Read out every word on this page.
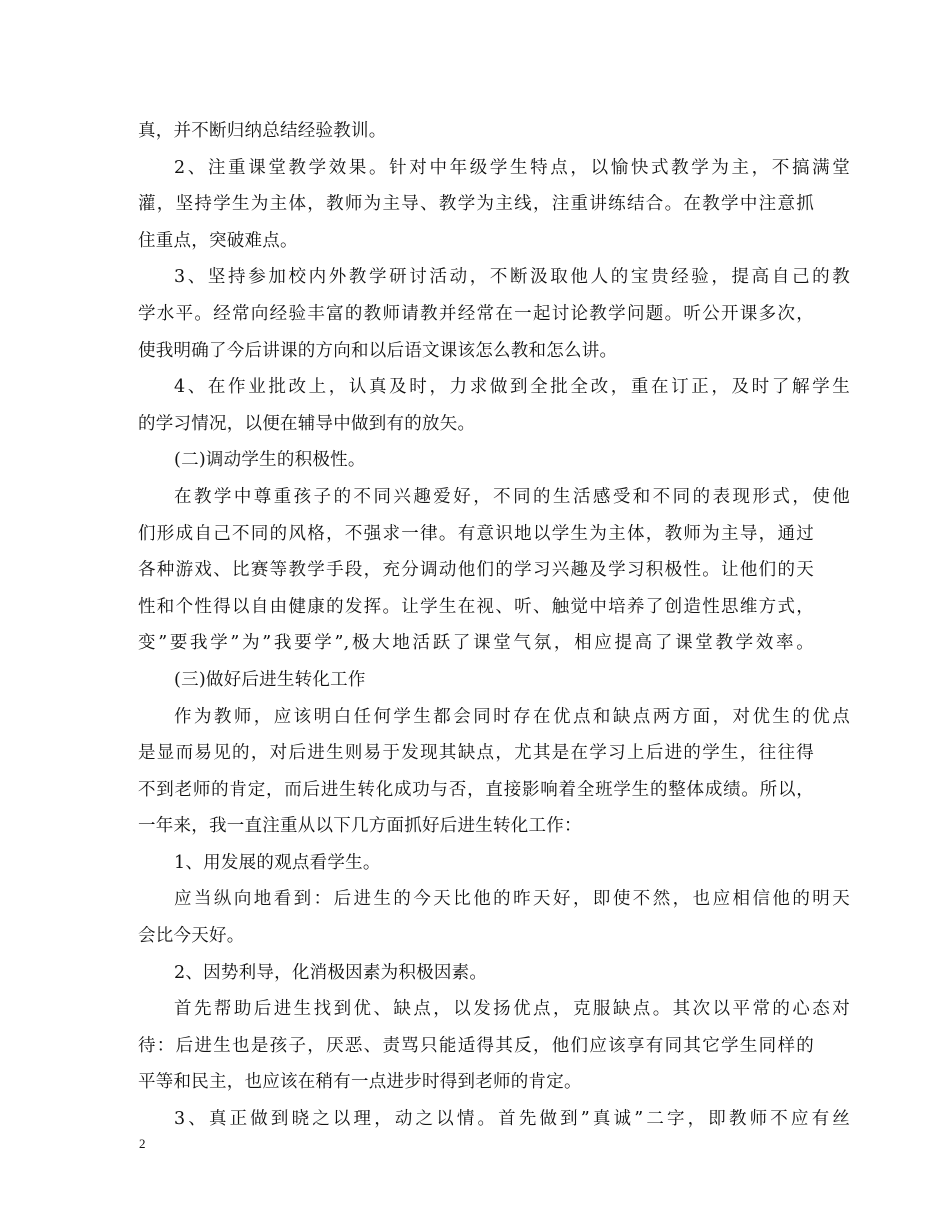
真，并不断归纳总结经验教训。
2、注重课堂教学效果。针对中年级学生特点，以愉快式教学为主，不搞满堂
灌，坚持学生为主体，教师为主导、教学为主线，注重讲练结合。在教学中注意抓
住重点，突破难点。
3、坚持参加校内外教学研讨活动，不断汲取他人的宝贵经验，提高自己的教
学水平。经常向经验丰富的教师请教并经常在一起讨论教学问题。听公开课多次，
使我明确了今后讲课的方向和以后语文课该怎么教和怎么讲。
4、在作业批改上，认真及时，力求做到全批全改，重在订正，及时了解学生
的学习情况，以便在辅导中做到有的放矢。
(二)调动学生的积极性。
在教学中尊重孩子的不同兴趣爱好，不同的生活感受和不同的表现形式，使他
们形成自己不同的风格，不强求一律。有意识地以学生为主体，教师为主导，通过
各种游戏、比赛等教学手段，充分调动他们的学习兴趣及学习积极性。让他们的天
性和个性得以自由健康的发挥。让学生在视、听、触觉中培养了创造性思维方式，
变”要我学”为”我要学”,极大地活跃了课堂气氛，相应提高了课堂教学效率。
(三)做好后进生转化工作
作为教师，应该明白任何学生都会同时存在优点和缺点两方面，对优生的优点
是显而易见的，对后进生则易于发现其缺点，尤其是在学习上后进的学生，往往得
不到老师的肯定，而后进生转化成功与否，直接影响着全班学生的整体成绩。所以，
一年来，我一直注重从以下几方面抓好后进生转化工作：
1、用发展的观点看学生。
应当纵向地看到：后进生的今天比他的昨天好，即使不然，也应相信他的明天
会比今天好。
2、因势利导，化消极因素为积极因素。
首先帮助后进生找到优、缺点，以发扬优点，克服缺点。其次以平常的心态对
待：后进生也是孩子，厌恶、责骂只能适得其反，他们应该享有同其它学生同样的
平等和民主，也应该在稍有一点进步时得到老师的肯定。
3、真正做到晓之以理，动之以情。首先做到”真诚”二字，即教师不应有丝
2
